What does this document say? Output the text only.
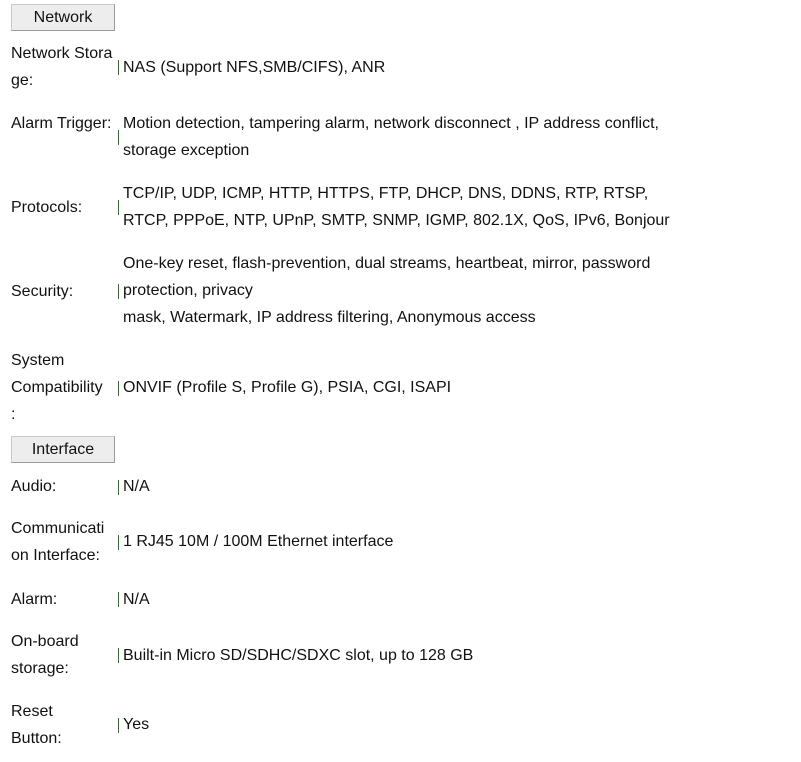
Network
Network Storage:
NAS (Support NFS,SMB/CIFS), ANR
Alarm Trigger: Motion detection, tampering alarm, network disconnect , IP address conflict,
storage exception
Protocols:
TCP/IP, UDP, ICMP, HTTP, HTTPS, FTP, DHCP, DNS, DDNS, RTP, RTSP,
RTCP, PPPoE, NTP, UPnP, SMTP, SNMP, IGMP, 802.1X, QoS, IPv6, Bonjour
Security:
One-key reset, flash-prevention, dual streams, heartbeat, mirror, password
protection, privacy
mask, Watermark, IP address filtering, Anonymous access
System
Compatibility
:
ONVIF (Profile S, Profile G), PSIA, CGI, ISAPI
Interface
Audio:	N/A
Communicati
on Interface:
1 RJ45 10M / 100M Ethernet interface
Alarm:	N/A
On-board
storage:
Built-in Micro SD/SDHC/SDXC slot, up to 128 GB
Reset
Button:
Yes
